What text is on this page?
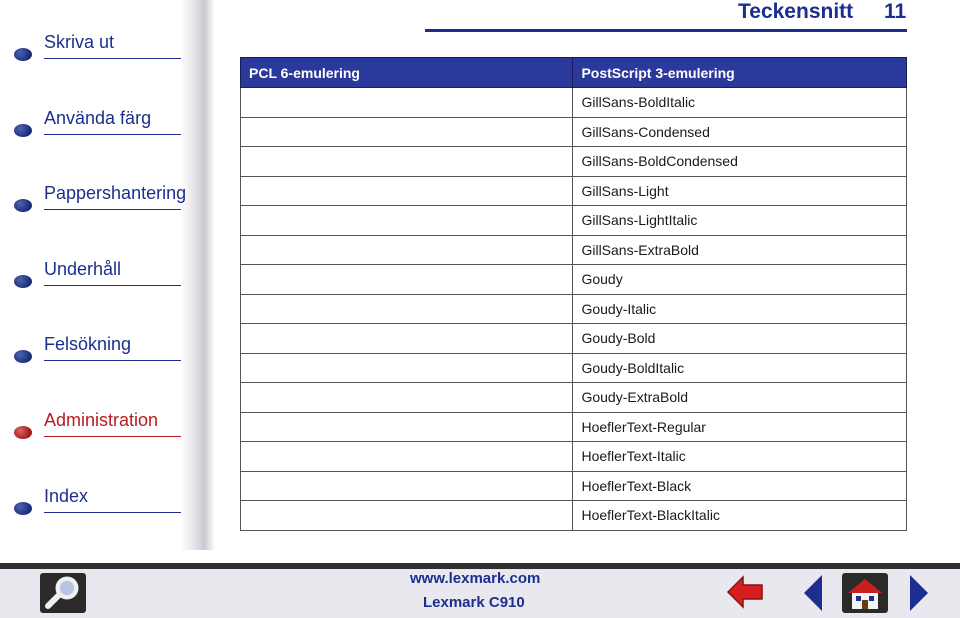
Skriva ut
Använda färg
Pappershantering
Underhåll
Felsökning
Administration
Index
Teckensnitt 11
PCL 6-emulering	PostScript 3-emulering
	GillSans-BoldItalic
	GillSans-Condensed
	GillSans-BoldCondensed
	GillSans-Light
	GillSans-LightItalic
	GillSans-ExtraBold
	Goudy
	Goudy-Italic
	Goudy-Bold
	Goudy-BoldItalic
	Goudy-ExtraBold
	HoeflerText-Regular
	HoeflerText-Italic
	HoeflerText-Black
	HoeflerText-BlackItalic
www.lexmark.com
Lexmark C910
